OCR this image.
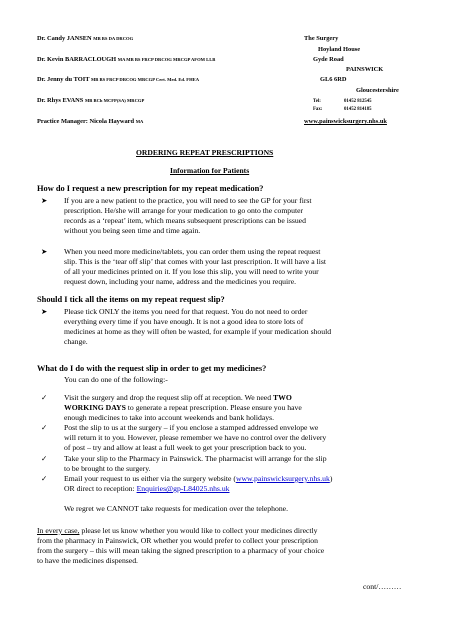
Dr. Candy JANSEN MB BS DA DRCOG
Dr. Kevin BARRACLOUGH MA MB BS FRCP DRCOG MRCGP AFOM LLB
Dr. Jenny du TOIT MB BS FRCP DRCOG MRCGP Cert. Med. Ed. FHEA
Dr. Rhys EVANS MB BCh MCFP(SA) MRCGP
Practice Manager: Nicola Hayward MA
The Surgery
Hoyland House
Gyde Road
PAINSWICK
GL6 6RD
Gloucestershire
Tel:	01452 812545
Fax:	01452 814185
www.painswicksurgery.nhs.uk
ORDERING REPEAT PRESCRIPTIONS
Information for Patients
How do I request a new prescription for my repeat medication?
➤	If you are a new patient to the practice, you will need to see the GP for your first
prescription. He/she will arrange for your medication to go onto the computer
records as a ‘repeat’ item, which means subsequent prescriptions can be issued
without you being seen time and time again.
➤	When you need more medicine/tablets, you can order them using the repeat request
slip. This is the ‘tear off slip’ that comes with your last prescription. It will have a list
of all your medicines printed on it. If you lose this slip, you will need to write your
request down, including your name, address and the medicines you require.
Should I tick all the items on my repeat request slip?
➤	Please tick ONLY the items you need for that request. You do not need to order
everything every time if you have enough. It is not a good idea to store lots of
medicines at home as they will often be wasted, for example if your medication should
change.
What do I do with the request slip in order to get my medicines?
You can do one of the following:-
✓	Visit the surgery and drop the request slip off at reception. We need TWO
WORKING DAYS to generate a repeat prescription. Please ensure you have
enough medicines to take into account weekends and bank holidays.
✓	Post the slip to us at the surgery – if you enclose a stamped addressed envelope we
will return it to you. However, please remember we have no control over the delivery
of post – try and allow at least a full week to get your prescription back to you.
✓	Take your slip to the Pharmacy in Painswick. The pharmacist will arrange for the slip
to be brought to the surgery.
✓	Email your request to us either via the surgery website (www.painswicksurgery.nhs.uk)
OR direct to reception: Enquiries@gp-L84025.nhs.uk
We regret we CANNOT take requests for medication over the telephone.
In every case, please let us know whether you would like to collect your medicines directly
from the pharmacy in Painswick, OR whether you would prefer to collect your prescription
from the surgery – this will mean taking the signed prescription to a pharmacy of your choice
to have the medicines dispensed.
cont/………
